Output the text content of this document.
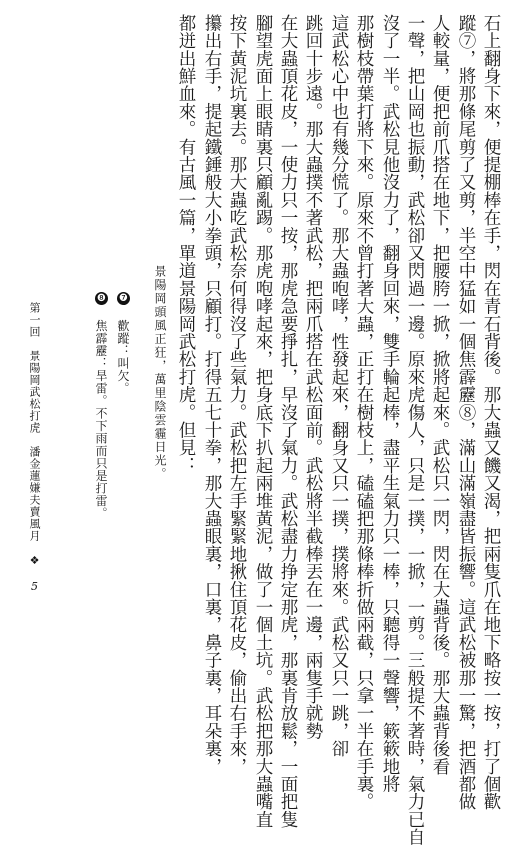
石上翻身下來，便提棚棒在手，閃在青石背後。那大蟲又饑又渴，把兩隻爪在地下略按一按，打了個歡
蹤⑦，將那條尾剪了又剪，半空中猛如一個焦霹靂⑧，滿山滿嶺盡皆振響。這武松被那一驚，把酒都做
人較量，便把前爪搭在地下，把腰胯一掀，掀將起來。武松只一閃，閃在大蟲背後。那大蟲背後看
一聲，把山岡也振動，武松卻又閃過一邊。原來虎傷人，只是一撲，一掀，一剪。三般提不著時，氣力已自
沒了一半。武松見他沒力了，翻身回來，雙手輪起棒，盡平生氣力只一棒，只聽得一聲響，簌簌地將
那樹枝帶葉打將下來。原來不曾打著大蟲，正打在樹枝上，磕磕把那條棒折做兩截，只拿一半在手裏。
這武松心中也有幾分慌了。那大蟲咆哮，性發起來，翻身又只一撲，撲將來。武松又只一跳，卻
跳回十步遠。那大蟲撲不著武松，把兩爪搭在武松面前。武松將半截棒丟在一邊，兩隻手就勢
在大蟲頂花皮，一使力只一按，那虎急要掙扎，早沒了氣力。武松盡力挣定那虎，那裏肯放鬆，一面把隻
腳望虎面上眼睛裏只顧亂踢。那虎咆哮起來，把身底下扒起兩堆黃泥，做了一個土坑。武松把那大蟲嘴直
按下黃泥坑裏去。那大蟲吃武松奈何得沒了些氣力。武松把左手緊緊地揪住頂花皮，偷出右手來，
攥出右手，提起鐵錘般大小拳頭，只顧打。打得五七十拳，那大蟲眼裏，口裏，鼻子裏，耳朵裏，
都迸出鮮血來。有古風一篇，單道景陽岡武松打虎。但見：
景陽岡頭風正狂，萬里陰雲霾日光。
❼ 歡蹤：叫欠。
❽ 焦霹靂：旱雷。不下雨而只是打雷。
第一回景陽岡武松打虎　潘金蓮嫌夫賣風月❖5
